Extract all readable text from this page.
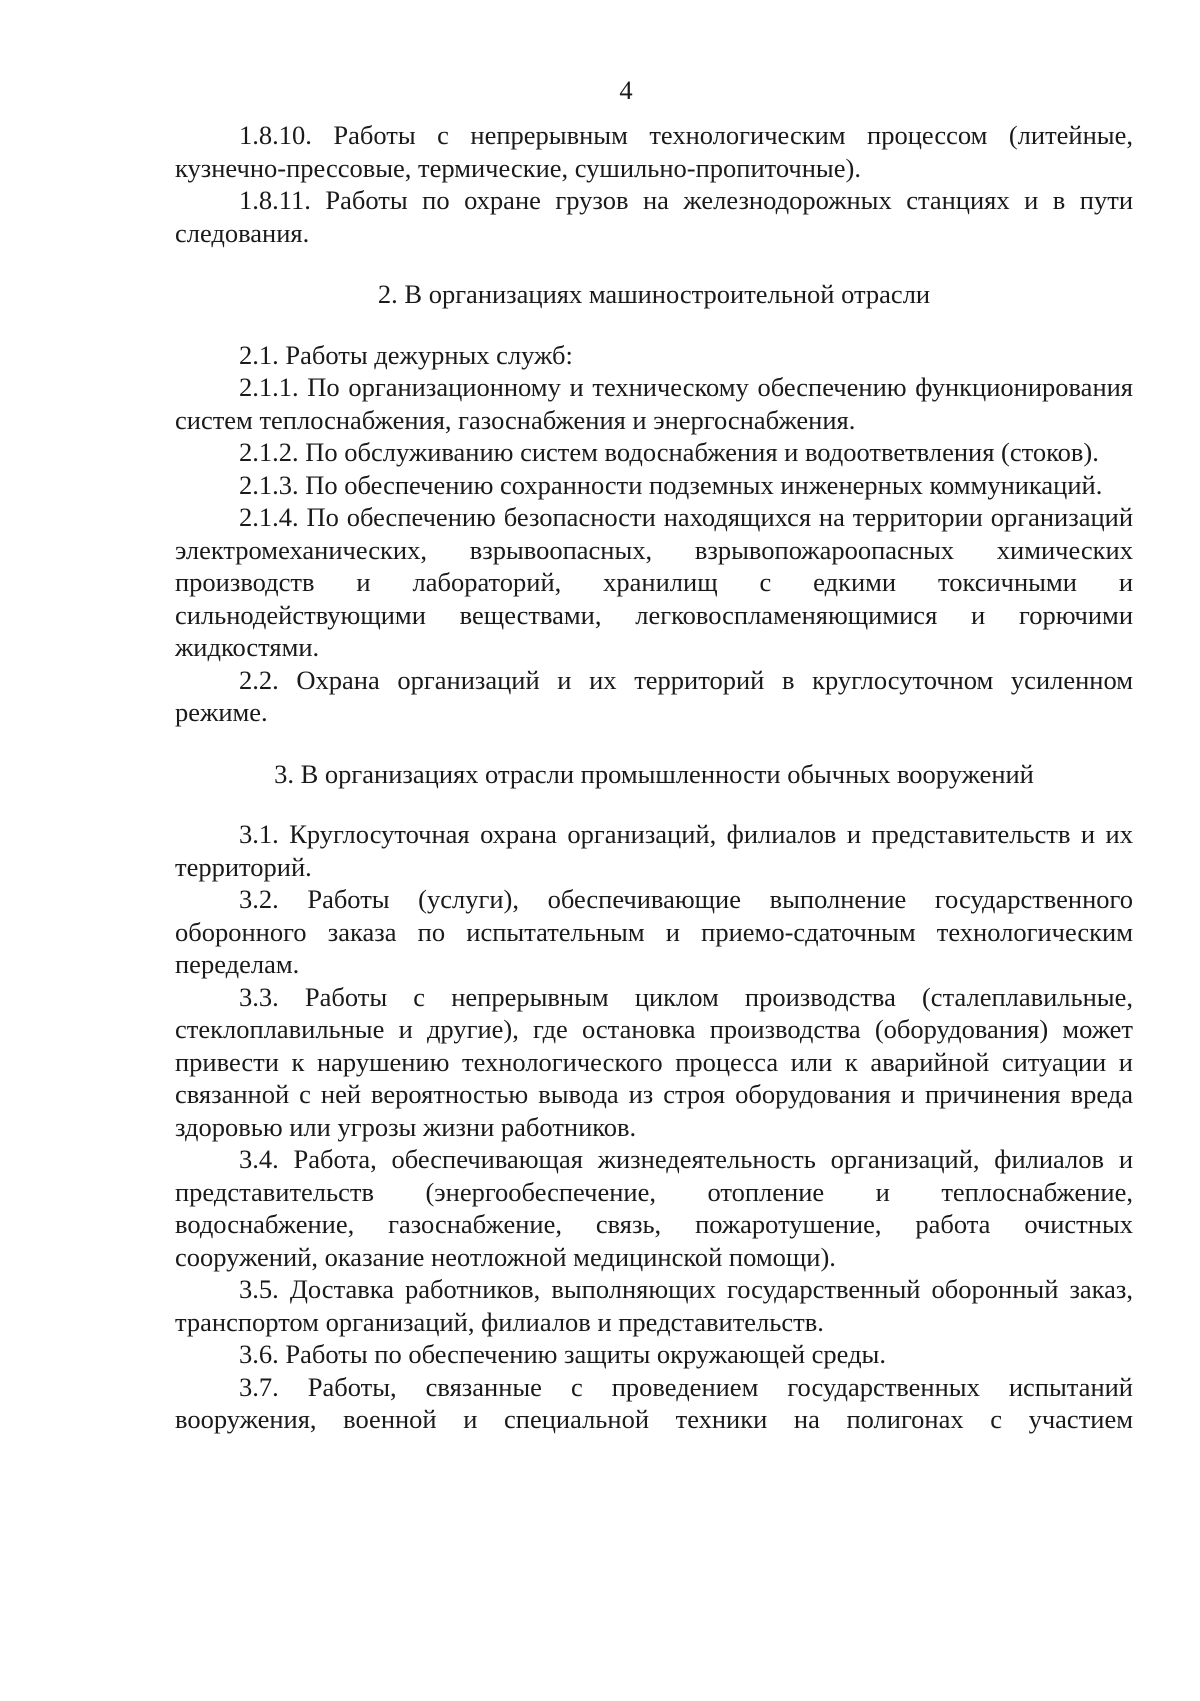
4

1.8.10. Работы с непрерывным технологическим процессом (литейные, кузнечно-прессовые, термические, сушильно-пропиточные).

1.8.11. Работы по охране грузов на железнодорожных станциях и в пути следования.

2. В организациях машиностроительной отрасли

2.1. Работы дежурных служб:

2.1.1. По организационному и техническому обеспечению функционирования систем теплоснабжения, газоснабжения и энергоснабжения.

2.1.2. По обслуживанию систем водоснабжения и водоответвления (стоков).

2.1.3. По обеспечению сохранности подземных инженерных коммуникаций.

2.1.4. По обеспечению безопасности находящихся на территории организаций электромеханических, взрывоопасных, взрывопожароопасных химических производств и лабораторий, хранилищ с едкими токсичными и сильнодействующими веществами, легковоспламеняющимися и горючими жидкостями.

2.2. Охрана организаций и их территорий в круглосуточном усиленном режиме.

3. В организациях отрасли промышленности обычных вооружений

3.1. Круглосуточная охрана организаций, филиалов и представительств и их территорий.

3.2. Работы (услуги), обеспечивающие выполнение государственного оборонного заказа по испытательным и приемо-сдаточным технологическим переделам.

3.3. Работы с непрерывным циклом производства (сталеплавильные, стеклоплавильные и другие), где остановка производства (оборудования) может привести к нарушению технологического процесса или к аварийной ситуации и связанной с ней вероятностью вывода из строя оборудования и причинения вреда здоровью или угрозы жизни работников.

3.4. Работа, обеспечивающая жизнедеятельность организаций, филиалов и представительств (энергообеспечение, отопление и теплоснабжение, водоснабжение, газоснабжение, связь, пожаротушение, работа очистных сооружений, оказание неотложной медицинской помощи).

3.5. Доставка работников, выполняющих государственный оборонный заказ, транспортом организаций, филиалов и представительств.

3.6. Работы по обеспечению защиты окружающей среды.

3.7. Работы, связанные с проведением государственных испытаний вооружения, военной и специальной техники на полигонах с участием
